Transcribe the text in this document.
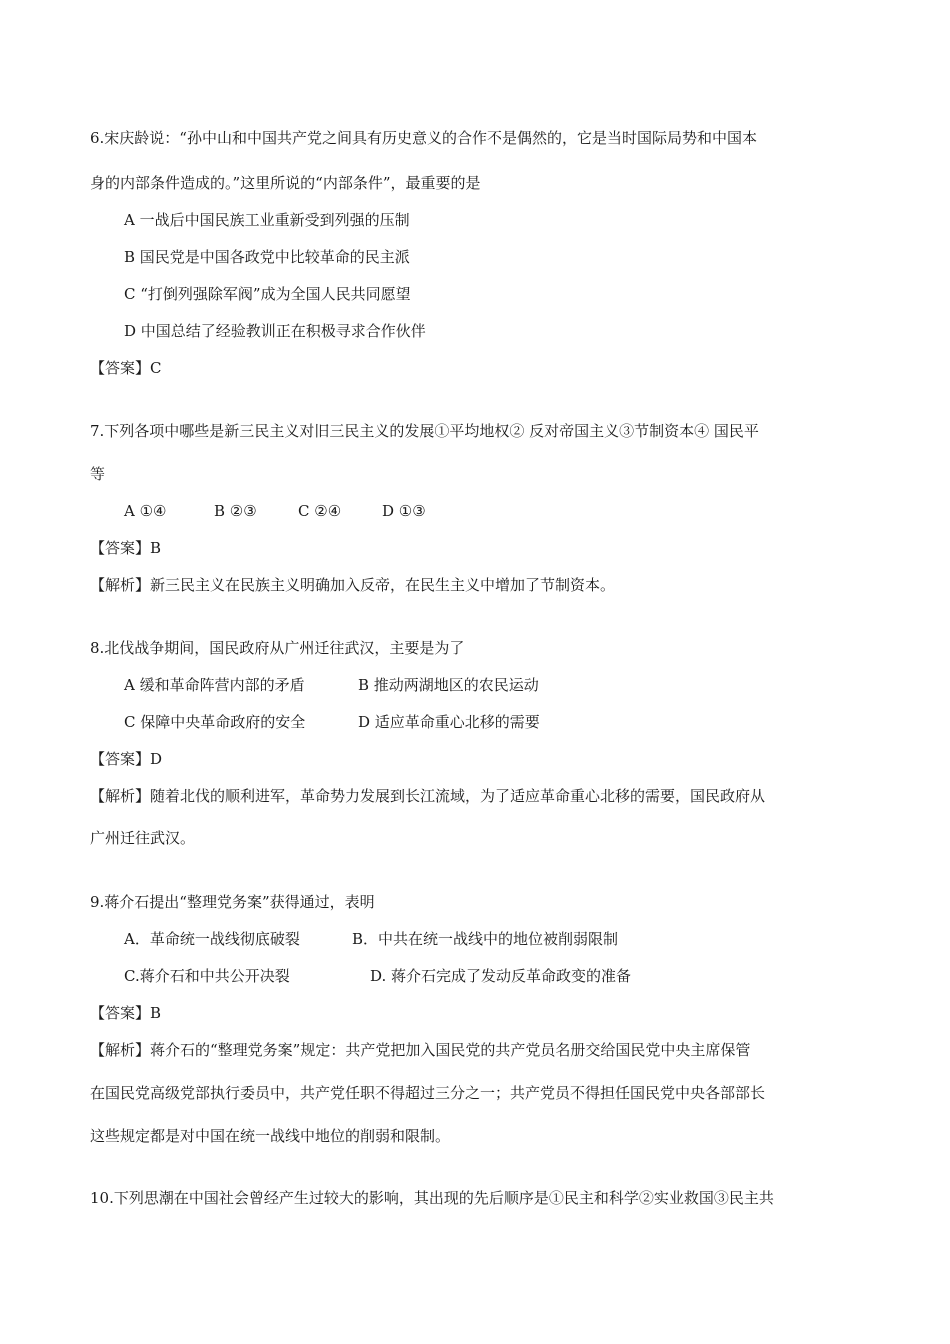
6.宋庆龄说：“孙中山和中国共产党之间具有历史意义的合作不是偶然的，它是当时国际局势和中国本
身的内部条件造成的。”这里所说的“内部条件”，最重要的是
A 一战后中国民族工业重新受到列强的压制
B 国民党是中国各政党中比较革命的民主派
C “打倒列强除军阀”成为全国人民共同愿望
D 中国总结了经验教训正在积极寻求合作伙伴
【答案】C
7.下列各项中哪些是新三民主义对旧三民主义的发展①平均地权② 反对帝国主义③节制资本④ 国民平
等
A ①④	B ②③	C ②④	D ①③
【答案】B
【解析】新三民主义在民族主义明确加入反帝，在民生主义中增加了节制资本。
8.北伐战争期间，国民政府从广州迁往武汉，主要是为了
A 缓和革命阵营内部的矛盾	B 推动两湖地区的农民运动
C 保障中央革命政府的安全	D 适应革命重心北移的需要
【答案】D
【解析】随着北伐的顺利进军，革命势力发展到长江流域，为了适应革命重心北移的需要，国民政府从
广州迁往武汉。
9.蒋介石提出“整理党务案”获得通过，表明
A．革命统一战线彻底破裂	B．中共在统一战线中的地位被削弱限制
C.蒋介石和中共公开决裂	D. 蒋介石完成了发动反革命政变的准备
【答案】B
【解析】蒋介石的“整理党务案”规定：共产党把加入国民党的共产党员名册交给国民党中央主席保管
在国民党高级党部执行委员中，共产党任职不得超过三分之一；共产党员不得担任国民党中央各部部长
这些规定都是对中国在统一战线中地位的削弱和限制。
10.下列思潮在中国社会曾经产生过较大的影响，其出现的先后顺序是①民主和科学②实业救国③民主共
